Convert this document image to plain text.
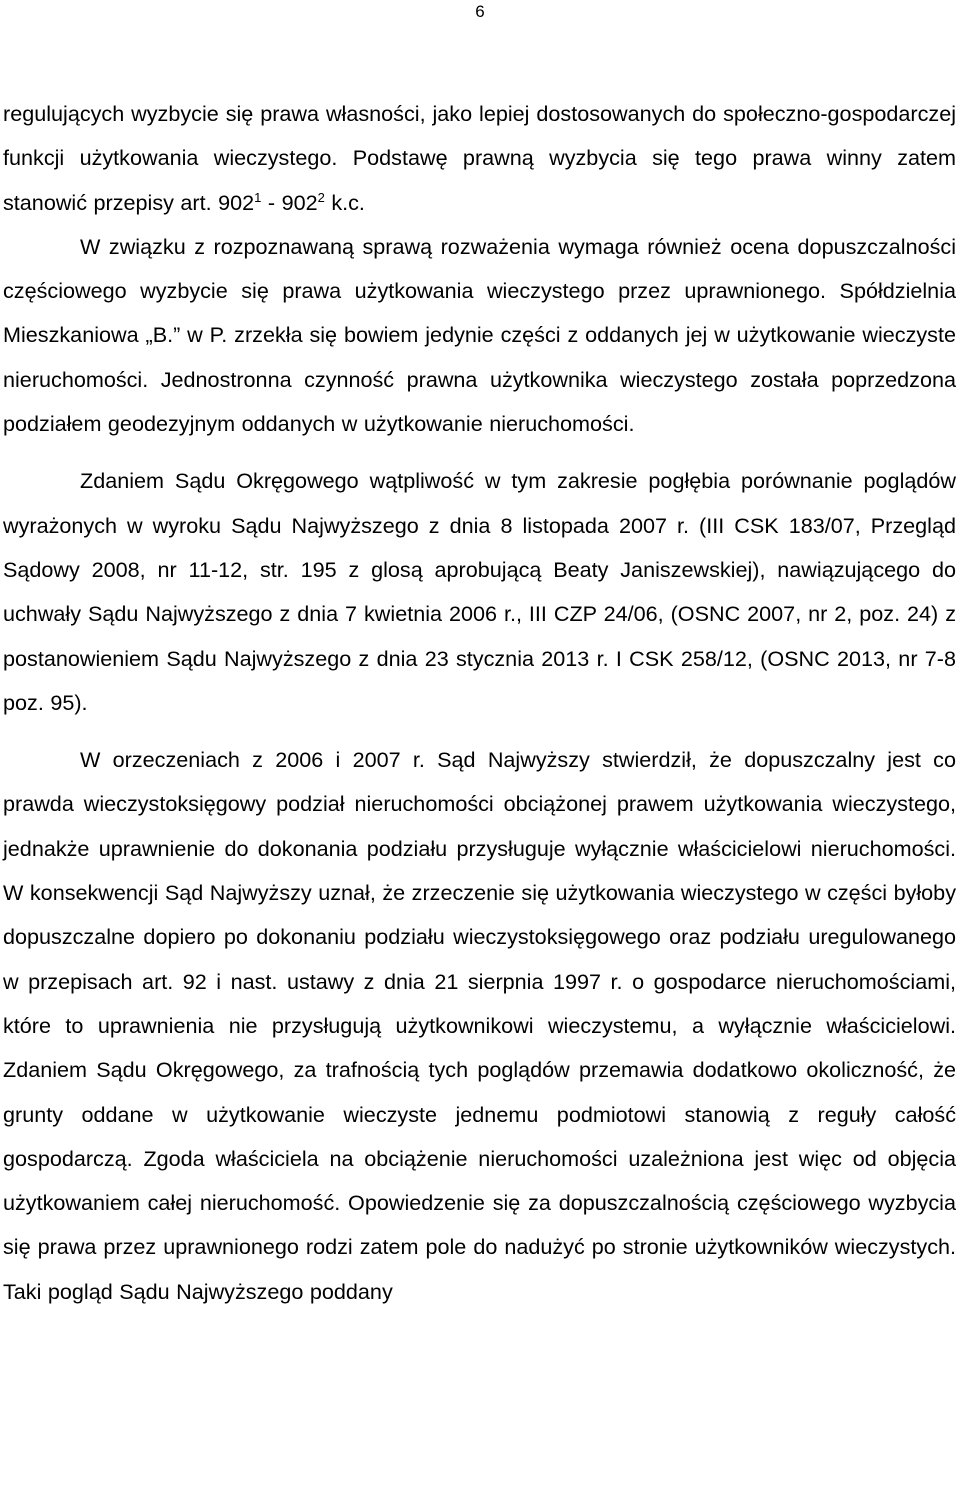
6

regulujących wyzbycie się prawa własności, jako lepiej dostosowanych do społeczno-gospodarczej funkcji użytkowania wieczystego. Podstawę prawną wyzbycia się tego prawa winny zatem stanowić przepisy art. $902^1 - 902^2$ k.c.

W związku z rozpoznawaną sprawą rozważenia wymaga również ocena dopuszczalności częściowego wyzbycie się prawa użytkowania wieczystego przez uprawnionego. Spółdzielnia Mieszkaniowa „B.” w P. zrzekła się bowiem jedynie części z oddanych jej w użytkowanie wieczyste nieruchomości. Jednostronna czynność prawna użytkownika wieczystego została poprzedzona podziałem geodezyjnym oddanych w użytkowanie nieruchomości.

Zdaniem Sądu Okręgowego wątpliwość w tym zakresie pogłębia porównanie poglądów wyrażonych w wyroku Sądu Najwyższego z dnia 8 listopada 2007 r. (III CSK 183/07, Przegląd Sądowy 2008, nr 11-12, str. 195 z glosą aprobującą Beaty Janiszewskiej), nawiązującego do uchwały Sądu Najwyższego z dnia 7 kwietnia 2006 r., III CZP 24/06, (OSNC 2007, nr 2, poz. 24) z postanowieniem Sądu Najwyższego z dnia 23 stycznia 2013 r. I CSK 258/12, (OSNC 2013, nr 7-8 poz. 95).

W orzeczeniach z 2006 i 2007 r. Sąd Najwyższy stwierdził, że dopuszczalny jest co prawda wieczystoksięgowy podział nieruchomości obciążonej prawem użytkowania wieczystego, jednakże uprawnienie do dokonania podziału przysługuje wyłącznie właścicielowi nieruchomości. W konsekwencji Sąd Najwyższy uznał, że zrzeczenie się użytkowania wieczystego w części byłoby dopuszczalne dopiero po dokonaniu podziału wieczystoksięgowego oraz podziału uregulowanego w przepisach art. 92 i nast. ustawy z dnia 21 sierpnia 1997 r. o gospodarce nieruchomościami, które to uprawnienia nie przysługują użytkownikowi wieczystemu, a wyłącznie właścicielowi. Zdaniem Sądu Okręgowego, za trafnością tych poglądów przemawia dodatkowo okoliczność, że grunty oddane w użytkowanie wieczyste jednemu podmiotowi stanowią z reguły całość gospodarczą. Zgoda właściciela na obciążenie nieruchomości uzależniona jest więc od objęcia użytkowaniem całej nieruchomość. Opowiedzenie się za dopuszczalnością częściowego wyzbycia się prawa przez uprawnionego rodzi zatem pole do nadużyć po stronie użytkowników wieczystych. Taki pogląd Sądu Najwyższego poddany
